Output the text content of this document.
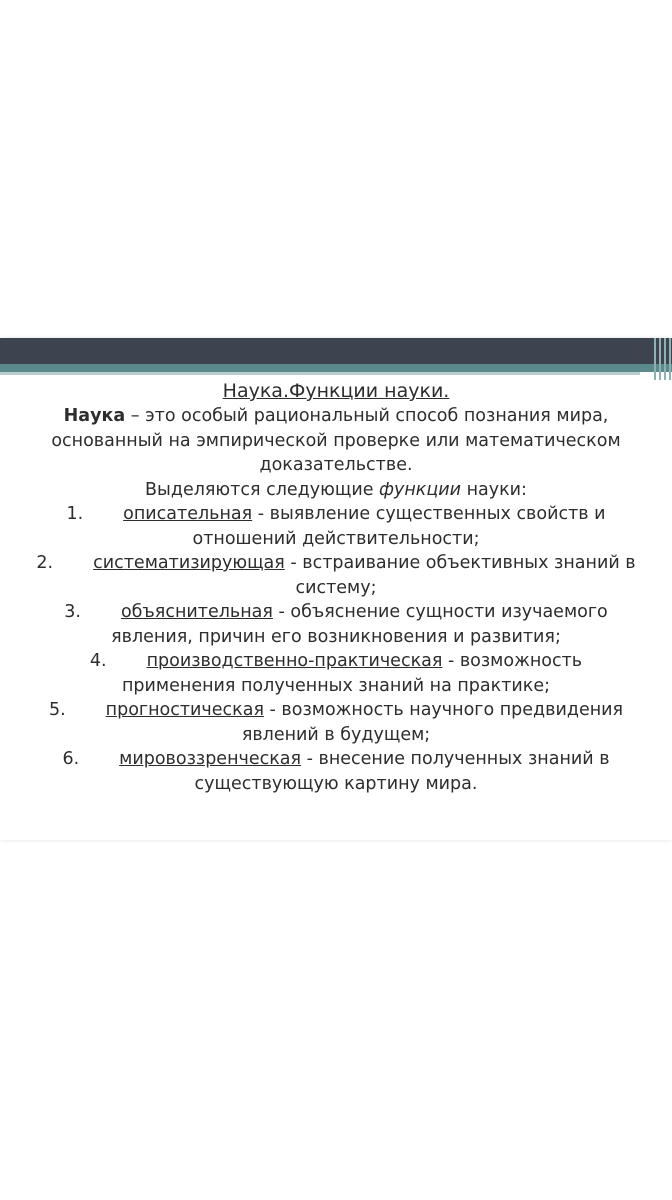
Наука.Функции науки.
Наука – это особый рациональный способ познания мира,
основанный на эмпирической проверке или математическом
доказательстве.
Выделяются следующие функции науки:
1. описательная - выявление существенных свойств и
отношений действительности;
2. систематизирующая - встраивание объективных знаний в
систему;
3. объяснительная - объяснение сущности изучаемого
явления, причин его возникновения и развития;
4. производственно-практическая - возможность
применения полученных знаний на практике;
5. прогностическая - возможность научного предвидения
явлений в будущем;
6. мировоззренческая - внесение полученных знаний в
существующую картину мира.
